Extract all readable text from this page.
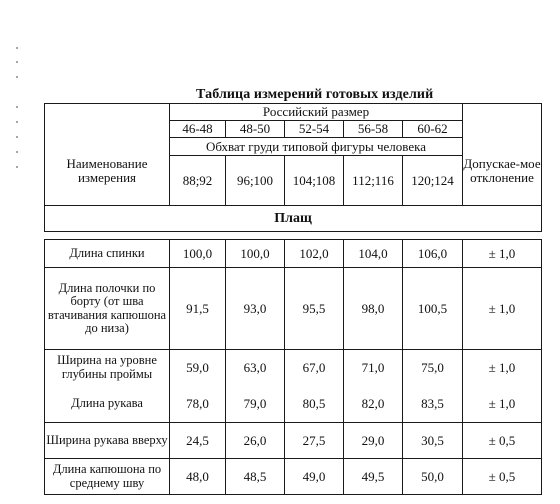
Таблица измерений готовых изделий
	Российский размер					
	46-48	48-50	52-54	56-58	60-62	
Наименование измерения	Обхват груди типовой фигуры человека					Допускае-мое отклонение
	88;92	96;100	104;108	112;116	120;124	
Плащ						

Длина спинки	100,0	100,0	102,0	104,0	106,0	± 1,0
Длина полочки по борту (от шва втачивания капюшона до низа)	91,5	93,0	95,5	98,0	100,5	± 1,0
Ширина на уровне глубины проймы	59,0	63,0	67,0	71,0	75,0	± 1,0
Длина рукава	78,0	79,0	80,5	82,0	83,5	± 1,0
Ширина рукава вверху	24,5	26,0	27,5	29,0	30,5	± 0,5
Длина капюшона по среднему шву	48,0	48,5	49,0	49,5	50,0	± 0,5
